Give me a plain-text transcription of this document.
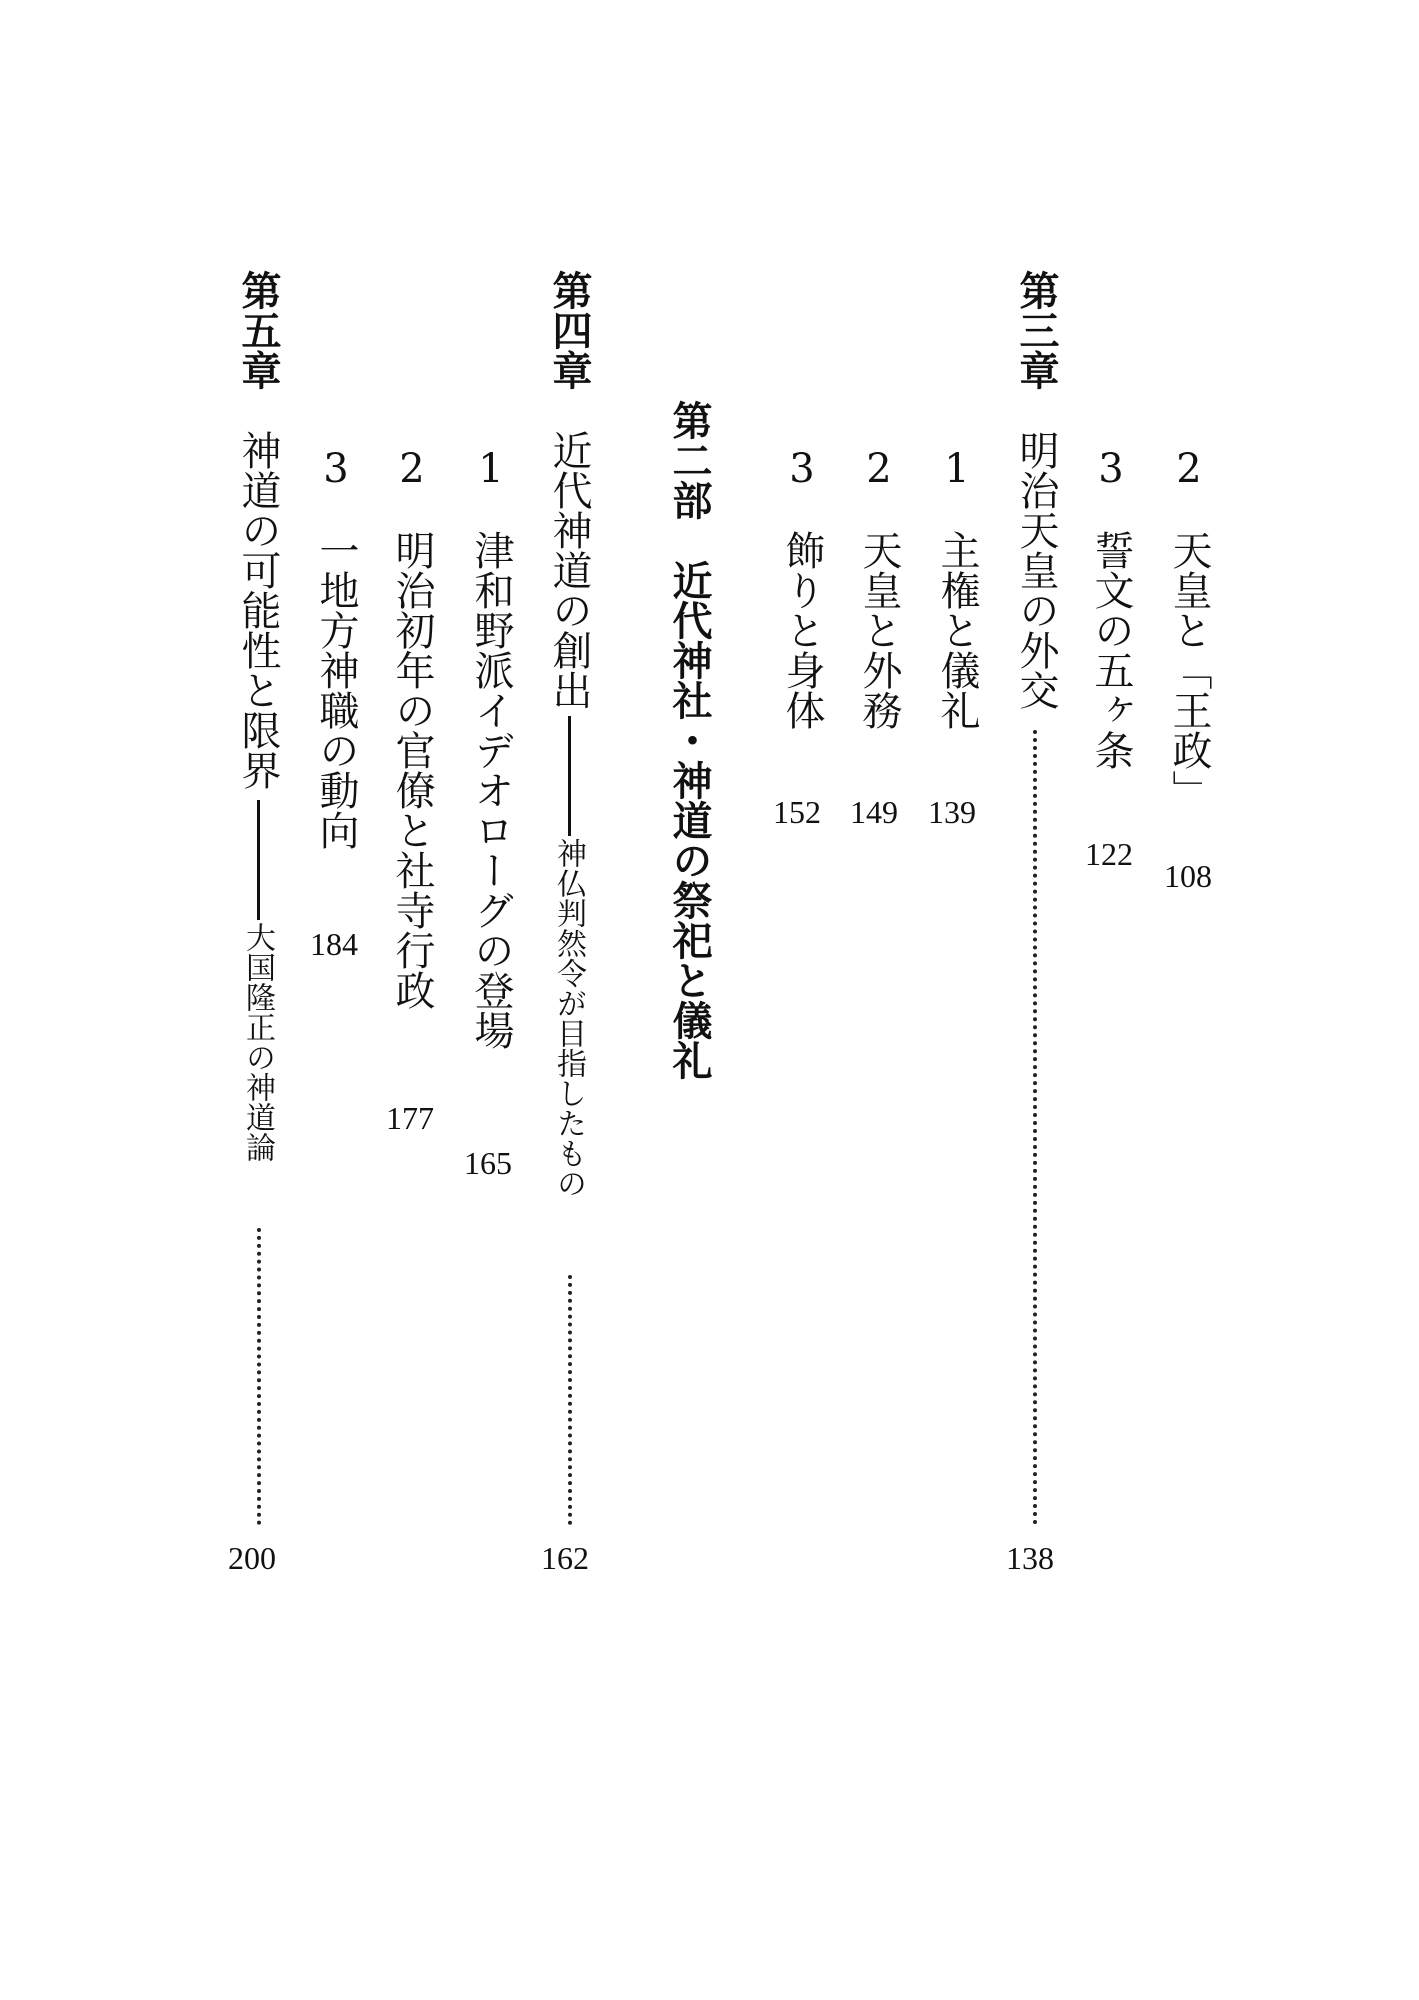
2
天皇と「王政」
108
3
誓文の五ヶ条
122
第三章
明治天皇の外交
138
1
主権と儀礼
139
2
天皇と外務
149
3
飾りと身体
152
第二部　近代神社・神道の祭祀と儀礼
第四章
近代神道の創出
神仏判然令が目指したもの
162
1
津和野派イデオローグの登場
165
2
明治初年の官僚と社寺行政
177
3
一地方神職の動向
184
第五章
神道の可能性と限界
大国隆正の神道論
200
